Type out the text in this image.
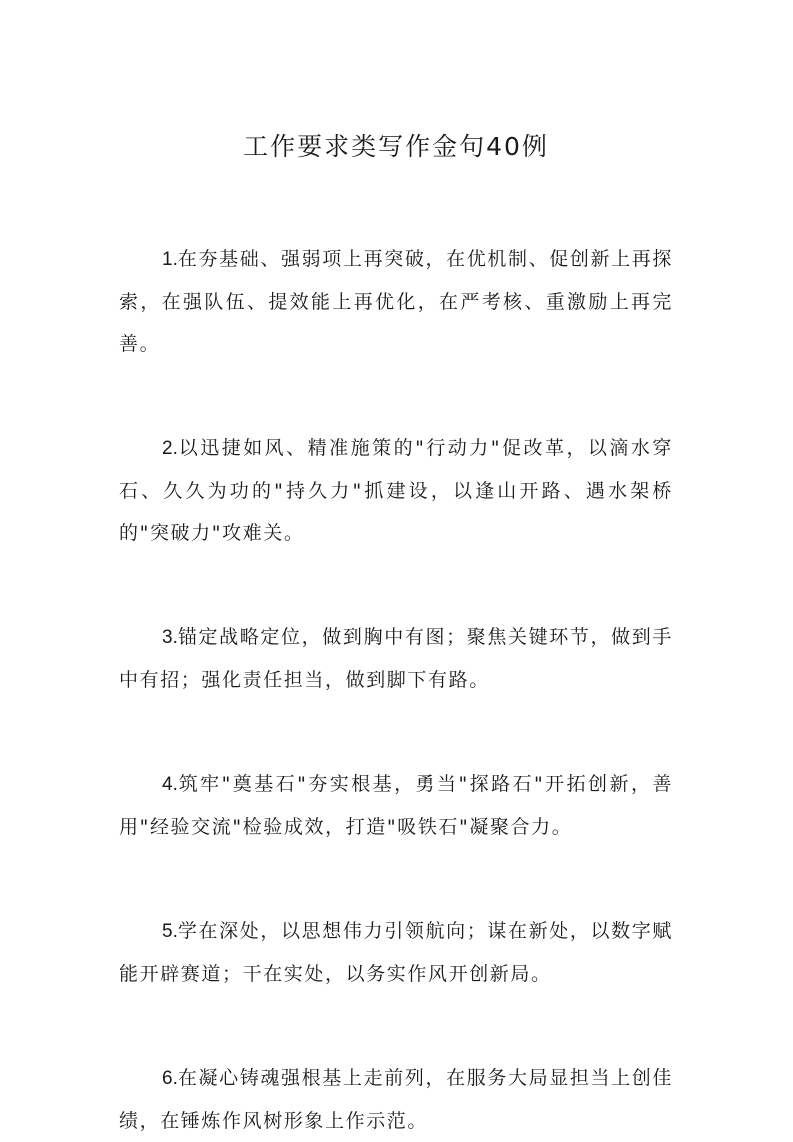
工作要求类写作金句40例

1.在夯基础、强弱项上再突破，在优机制、促创新上再探索，在强队伍、提效能上再优化，在严考核、重激励上再完善。

2.以迅捷如风、精准施策的"行动力"促改革，以滴水穿石、久久为功的"持久力"抓建设，以逢山开路、遇水架桥的"突破力"攻难关。

3.锚定战略定位，做到胸中有图；聚焦关键环节，做到手中有招；强化责任担当，做到脚下有路。

4.筑牢"奠基石"夯实根基，勇当"探路石"开拓创新，善用"经验交流"检验成效，打造"吸铁石"凝聚合力。

5.学在深处，以思想伟力引领航向；谋在新处，以数字赋能开辟赛道；干在实处，以务实作风开创新局。

6.在凝心铸魂强根基上走前列，在服务大局显担当上创佳绩，在锤炼作风树形象上作示范。
